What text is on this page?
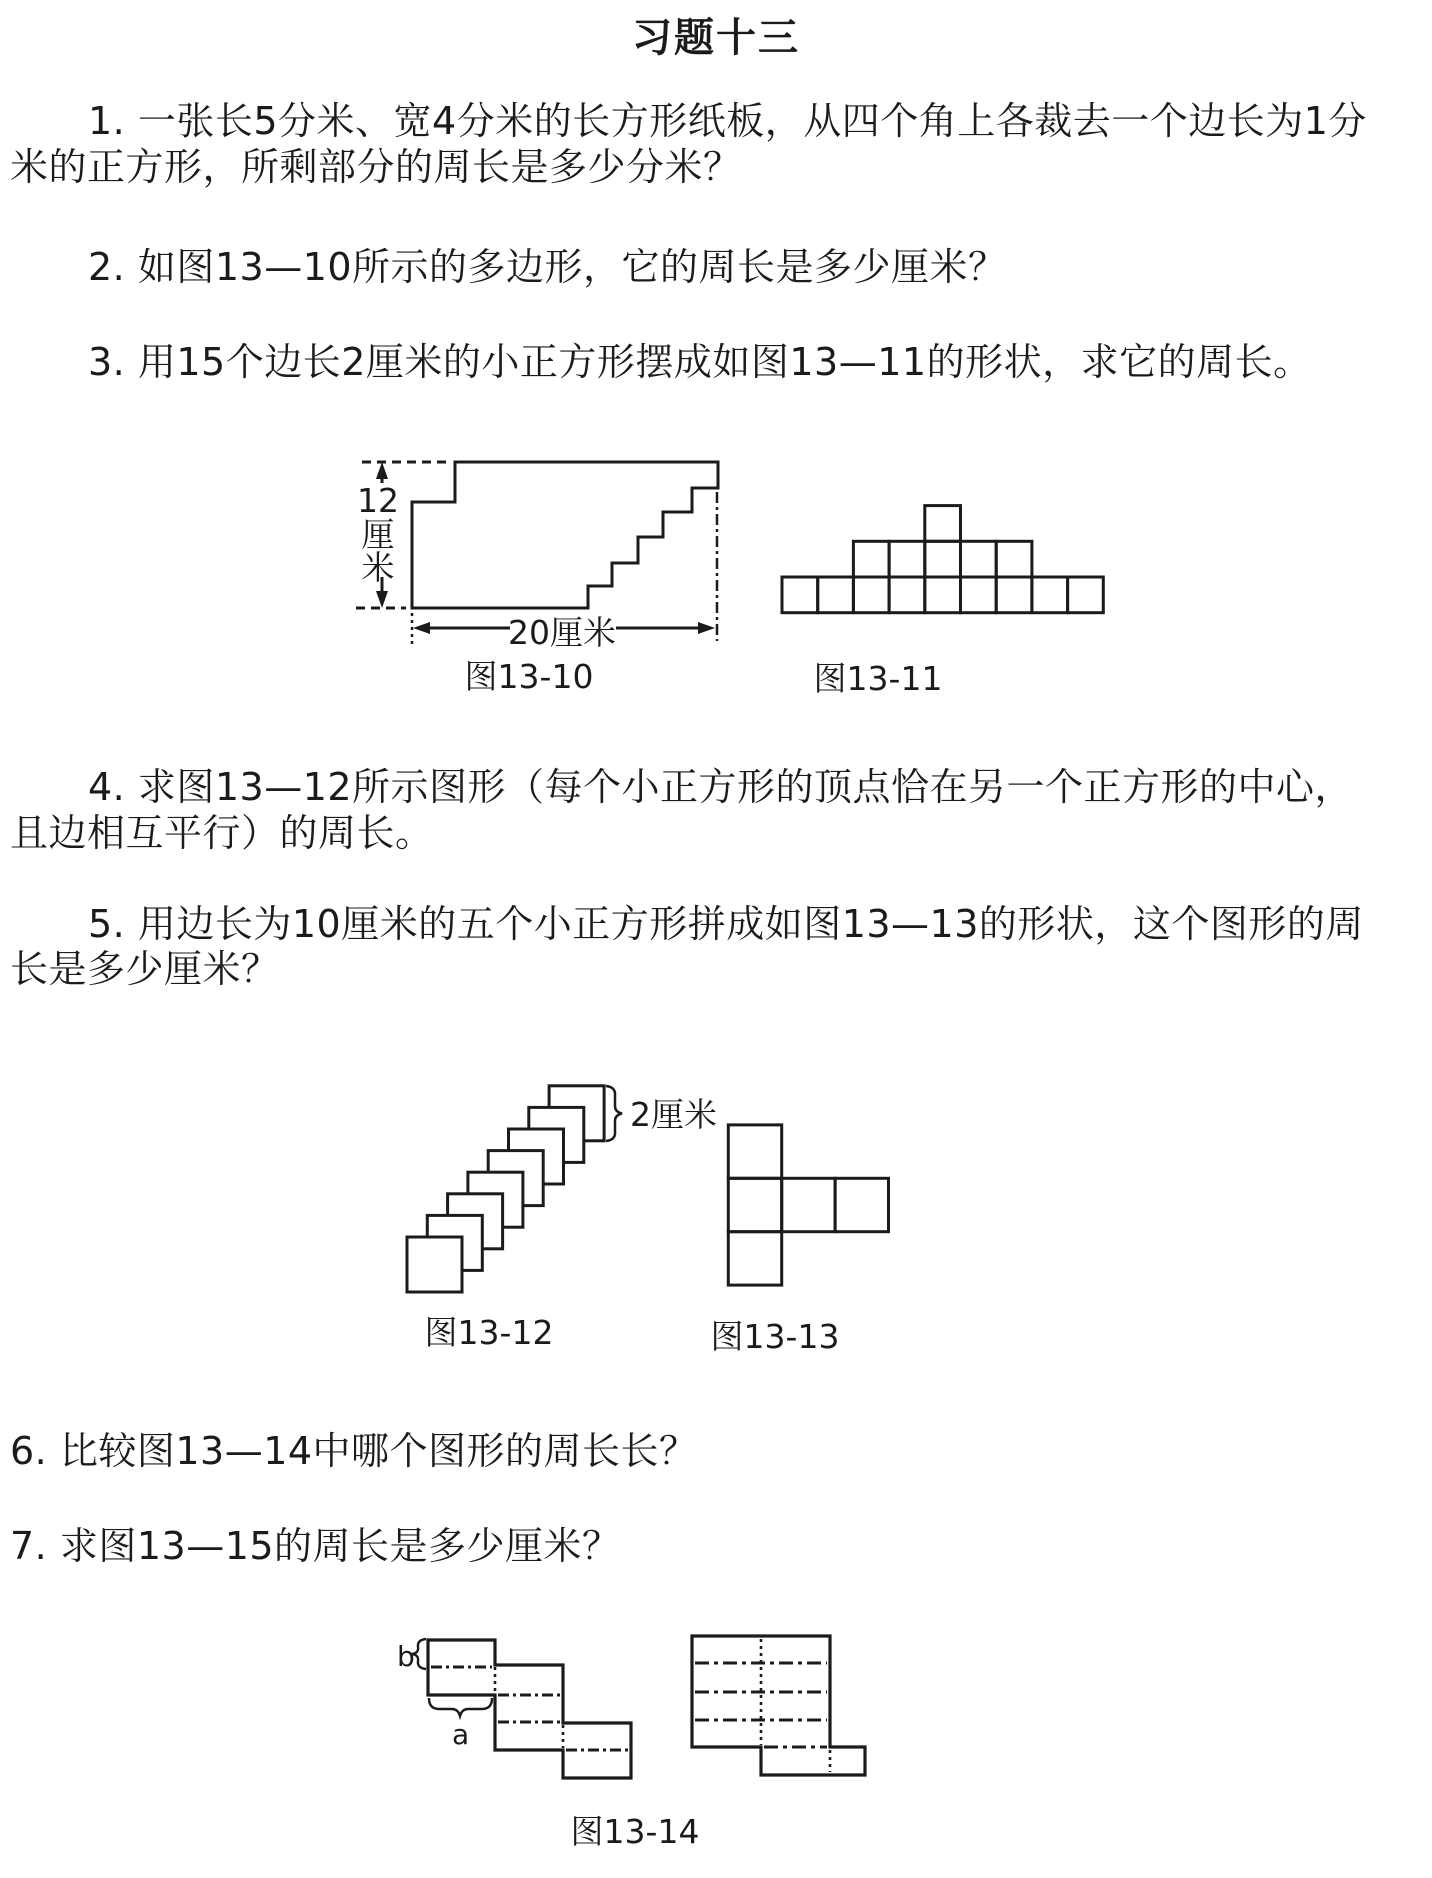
习题十三
1. 一张长5分米、宽4分米的长方形纸板，从四个角上各裁去一个边长为1分
米的正方形，所剩部分的周长是多少分米？
2. 如图13—10所示的多边形，它的周长是多少厘米？
3. 用15个边长2厘米的小正方形摆成如图13—11的形状，求它的周长。
4. 求图13—12所示图形（每个小正方形的顶点恰在另一个正方形的中心，
且边相互平行）的周长。
5. 用边长为10厘米的五个小正方形拼成如图13—13的形状，这个图形的周
长是多少厘米？
6. 比较图13—14中哪个图形的周长长？
7. 求图13—15的周长是多少厘米？
12
厘
米
20厘米
图13-10	图13-11
2厘米
图13-12	图13-13
b
a
图13-14
